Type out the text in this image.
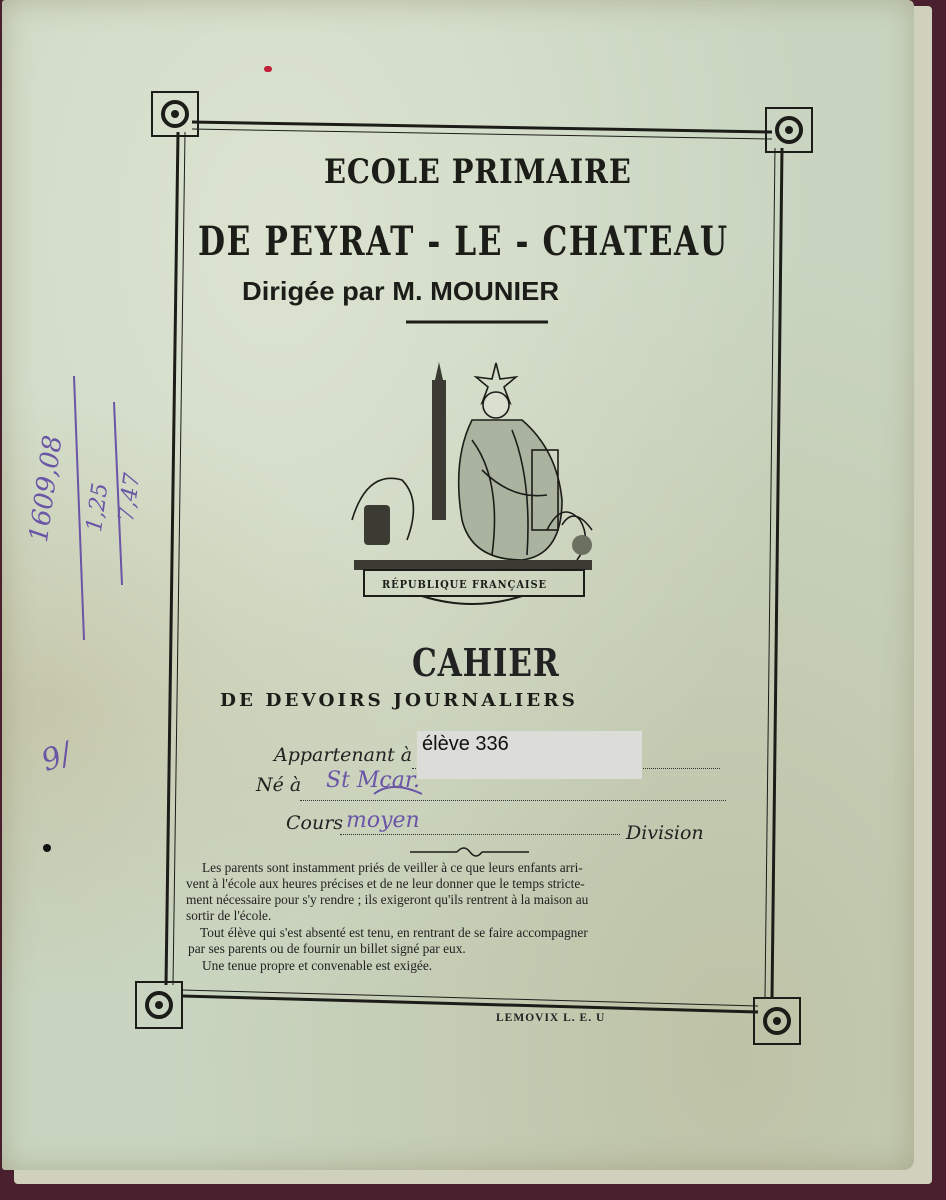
ECOLE PRIMAIRE
DE PEYRAT - LE - CHATEAU
Dirigée par M. MOUNIER
RÉPUBLIQUE FRANÇAISE
CAHIER
DE DEVOIRS JOURNALIERS
Appartenant à élève 336
Né à St Mcar.
Cours moyen	Division
Les parents sont instamment priés de veiller à ce que leurs enfants arri-
vent à l'école aux heures précises et de ne leur donner que le temps stricte-
ment nécessaire pour s'y rendre ; ils exigeront qu'ils rentrent à la maison au
sortir de l'école.
Tout élève qui s'est absenté est tenu, en rentrant de se faire accompagner
par ses parents ou de fournir un billet signé par eux.
Une tenue propre et convenable est exigée.
LEMOVIX L. E. U
1609,08 1,25 7,47
9/
